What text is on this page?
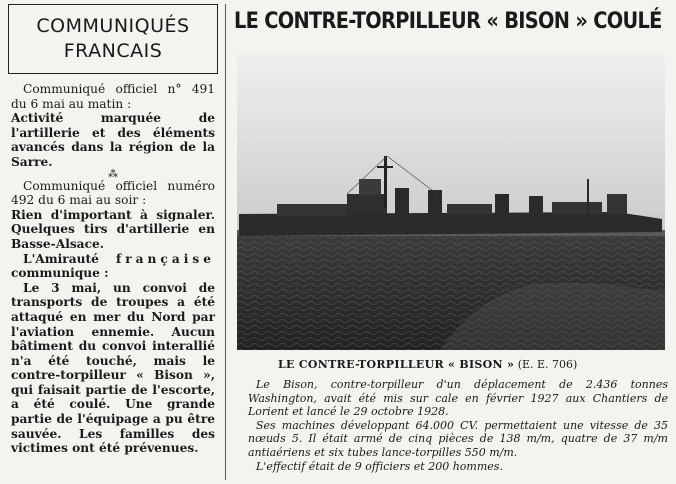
COMMUNIQUÉS
FRANCAIS

Communiqué officiel n° 491 du 6 mai au matin :

Activité marquée de l'artillerie et des éléments avancés dans la région de la Sarre.

⁂

Communiqué officiel numéro 492 du 6 mai au soir :

Rien d'important à signaler. Quelques tirs d'artillerie en Basse-Alsace.

L'Amirauté française communique :

Le 3 mai, un convoi de transports de troupes a été attaqué en mer du Nord par l'aviation ennemie. Aucun bâtiment du convoi interallié n'a été touché, mais le contre-torpilleur « Bison », qui faisait partie de l'escorte, a été coulé. Une grande partie de l'équipage a pu être sauvée. Les familles des victimes ont été prévenues.

LE CONTRE-TORPILLEUR « BISON » COULÉ
LE CONTRE-TORPILLEUR « BISON » (E. E. 706)

Le Bison, contre-torpilleur d'un déplacement de 2.436 tonnes Washington, avait été mis sur cale en février 1927 aux Chantiers de Lorient et lancé le 29 octobre 1928.

Ses machines développant 64.000 CV. permettaient une vitesse de 35 nœuds 5. Il était armé de cinq pièces de 138 m/m, quatre de 37 m/m antiaériens et six tubes lance-torpilles 550 m/m.

L'effectif était de 9 officiers et 200 hommes.
